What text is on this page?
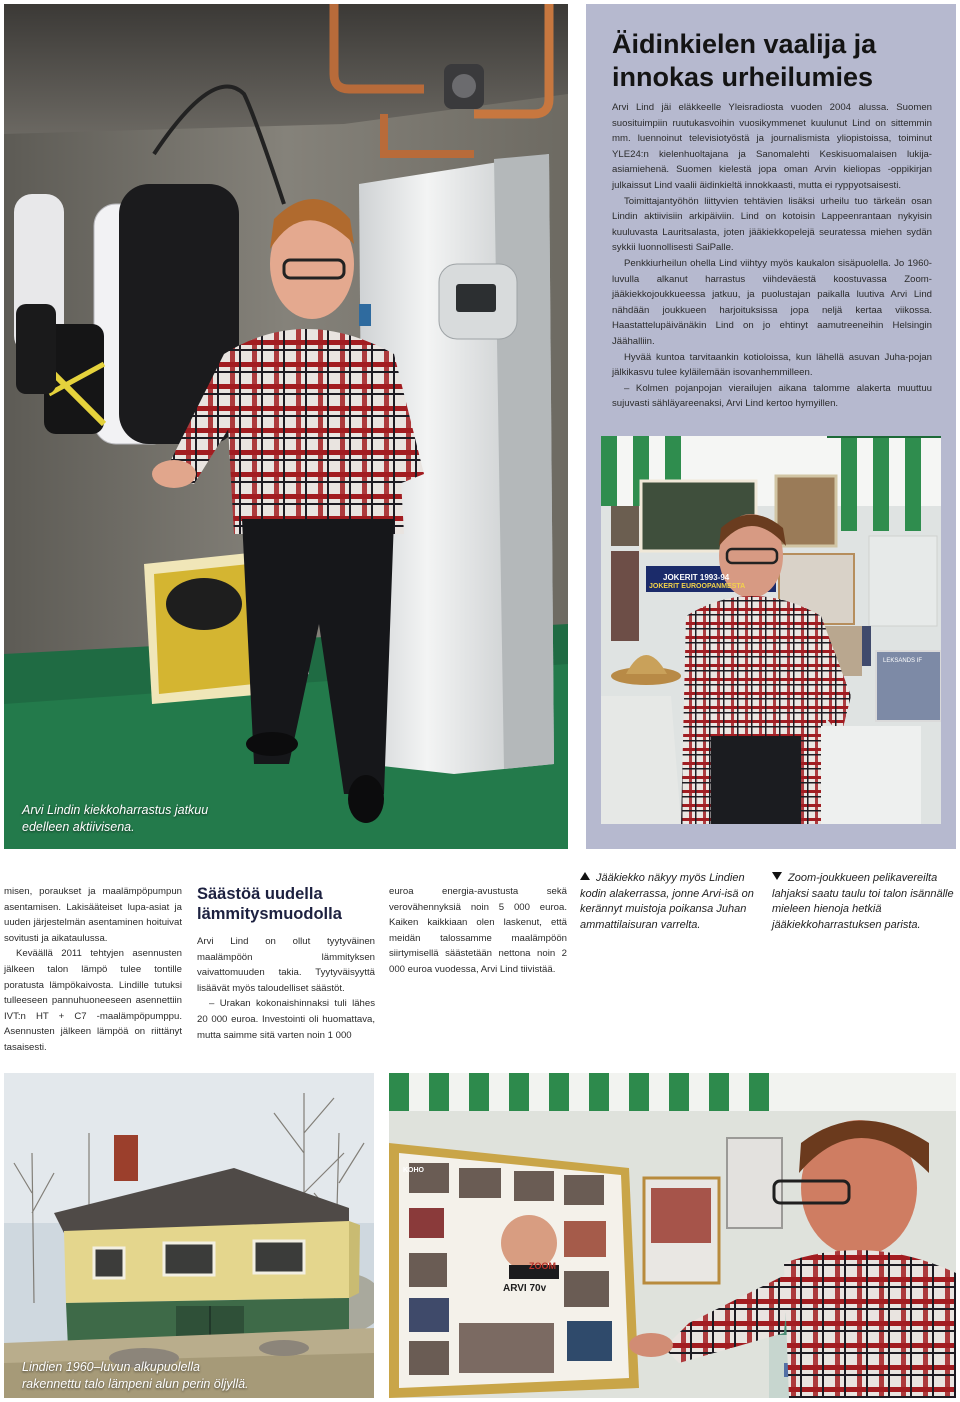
Arvi Lindin kiekkoharrastus jatkuu edelleen aktiivisena.
Äidinkielen vaalija ja innokas urheilumies

Arvi Lind jäi eläkkeelle Yleisradiosta vuoden 2004 alussa. Suomen suosituimpiin ruutukasvoihin vuosikymmenet kuulunut Lind on sittemmin mm. luennoinut televisiotyöstä ja journalismista yliopistoissa, toiminut YLE24:n kielenhuoltajana ja Sanomalehti Keskisuomalaisen lukija-asiamiehenä. Suomen kielestä jopa oman Arvin kieliopas -oppikirjan julkaissut Lind vaalii äidinkieltä innokkaasti, mutta ei ryppyotsaisesti.

Toimittajantyöhön liittyvien tehtävien lisäksi urheilu tuo tärkeän osan Lindin aktiivisiin arkipäiviin. Lind on kotoisin Lappeenrantaan nykyisin kuuluvasta Lauritsalasta, joten jääkiekkopelejä seuratessa miehen sydän sykkii luonnollisesti SaiPalle.

Penkkiurheilun ohella Lind viihtyy myös kaukalon sisäpuolella. Jo 1960-luvulla alkanut harrastus viihdeväestä koostuvassa Zoom-jääkiekkojoukkueessa jatkuu, ja puolustajan paikalla luutiva Arvi Lind nähdään joukkueen harjoituksissa jopa neljä kertaa viikossa. Haastattelupäivänäkin Lind on jo ehtinyt aamutreeneihin Helsingin Jäähalliin.

Hyvää kuntoa tarvitaankin kotioloissa, kun lähellä asuvan Juha-pojan jälkikasvu tulee kyläilemään isovanhemmilleen.

– Kolmen pojanpojan vierailujen aikana talomme alakerta muuttuu sujuvasti sähläyareenaksi, Arvi Lind kertoo hymyillen.

JOKERIT 1993-94
JOKERIT EUROOPANMESTA
LEKSANDS IF

misen, poraukset ja maalämpöpumpun asentamisen. Lakisääteiset lupa-asiat ja uuden järjestelmän asentaminen hoituivat sovitusti ja aikataulussa.

Keväällä 2011 tehtyjen asennusten jälkeen talon lämpö tulee tontille poratusta lämpökaivosta. Lindille tutuksi tulleeseen pannuhuoneeseen asennettiin IVT:n HT + C7 -maalämpöpumppu. Asennusten jälkeen lämpöä on riittänyt tasaisesti.

Säästöä uudella lämmitysmuodolla

Arvi Lind on ollut tyytyväinen maalämpöön lämmityksen vaivattomuuden takia. Tyytyväisyyttä lisäävät myös taloudelliset säästöt.

– Urakan kokonaishinnaksi tuli lähes 20 000 euroa. Investointi oli huomattava, mutta saimme sitä varten noin 1 000

euroa energia-avustusta sekä verovähennyksiä noin 5 000 euroa. Kaiken kaikkiaan olen laskenut, että meidän talossamme maalämpöön siirtymisellä säästetään nettona noin 2 000 euroa vuodessa, Arvi Lind tiivistää.

Jääkiekko näkyy myös Lindien kodin alakerrassa, jonne Arvi-isä on kerännyt muistoja poikansa Juhan ammattilaisuran varrelta.
Zoom-joukkueen pelikavereilta lahjaksi saatu taulu toi talon isännälle mieleen hienoja hetkiä jääkiekkoharrastuksen parista.
Lindien 1960–luvun alkupuolella rakennettu talo lämpeni alun perin öljyllä.
ZOOM
ARVI 70v
KOHO
